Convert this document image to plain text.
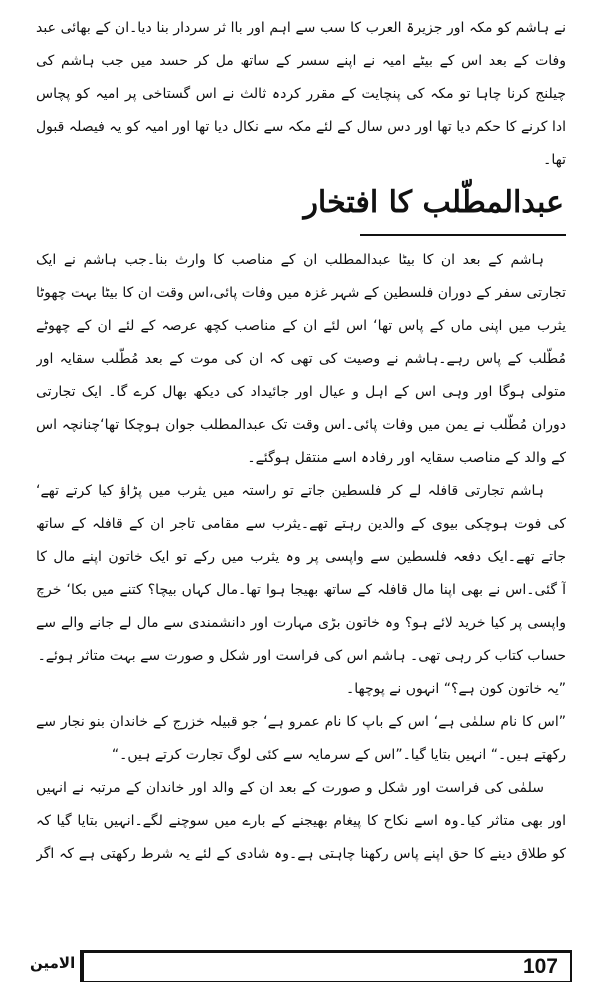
نے ہاشم کو مکہ اور جزیرۃ العرب کا سب سے اہم اور باا ثر سردار بنا دیا۔ان کے بھائی عبد
وفات کے بعد اس کے بیٹے امیہ نے اپنے سسر کے ساتھ مل کر حسد میں جب ہاشم کی
چیلنج کرنا چاہا تو مکہ کی پنچایت کے مقرر کردہ ثالث نے اس گستاخی پر امیہ کو پچاس
ادا کرنے کا حکم دیا تھا اور دس سال کے لئے مکہ سے نکال دیا تھا اور امیہ کو یہ فیصلہ قبول
تھا۔
عبدالمطّلب کا افتخار
ہاشم کے بعد ان کا بیٹا عبدالمطلب ان کے مناصب کا وارث بنا۔جب ہاشم نے ایک
تجارتی سفر کے دوران فلسطین کے شہر غزہ میں وفات پائی،اس وقت ان کا بیٹا بہت چھوٹا
یثرب میں اپنی ماں کے پاس تھا‘ اس لئے ان کے مناصب کچھ عرصہ کے لئے ان کے چھوٹے
مُطّلب کے پاس رہے۔ہاشم نے وصیت کی تھی کہ ان کی موت کے بعد مُطّلب سقایہ اور
متولی ہوگا اور وہی اس کے اہل و عیال اور جائیداد کی دیکھ بھال کرے گا۔ ایک تجارتی
دوران مُطّلب نے یمن میں وفات پائی۔اس وقت تک عبدالمطلب جوان ہوچکا تھا‘چنانچہ اس
کے والد کے مناصب سقایہ اور رفادہ اسے منتقل ہوگئے۔
ہاشم تجارتی قافلہ لے کر فلسطین جاتے تو راستہ میں یثرب میں پڑاؤ کیا کرتے تھے‘
کی فوت ہوچکی بیوی کے والدین رہتے تھے۔یثرب سے مقامی تاجر ان کے قافلہ کے ساتھ
جاتے تھے۔ایک دفعہ فلسطین سے واپسی پر وہ یثرب میں رکے تو ایک خاتون اپنے مال کا
آ گئی۔اس نے بھی اپنا مال قافلہ کے ساتھ بھیجا ہوا تھا۔مال کہاں بیچا؟ کتنے میں بکا‘ خرچ
واپسی پر کیا خرید لائے ہو؟ وہ خاتون بڑی مہارت اور دانشمندی سے مال لے جانے والے سے
حساب کتاب کر رہی تھی۔ ہاشم اس کی فراست اور شکل و صورت سے بہت متاثر ہوئے۔
”یہ خاتون کون ہے؟“ انہوں نے پوچھا۔
”اس کا نام سلمٰی ہے‘ اس کے باپ کا نام عمرو ہے‘ جو قبیلہ خزرج کے خاندان بنو نجار سے
رکھتے ہیں۔“ انہیں بتایا گیا۔”اس کے سرمایہ سے کئی لوگ تجارت کرتے ہیں۔“
سلمٰی کی فراست اور شکل و صورت کے بعد ان کے والد اور خاندان کے مرتبہ نے انہیں
اور بھی متاثر کیا۔وہ اسے نکاح کا پیغام بھیجنے کے بارے میں سوچنے لگے۔انہیں بتایا گیا کہ
کو طلاق دینے کا حق اپنے پاس رکھنا چاہتی ہے۔وہ شادی کے لئے یہ شرط رکھتی ہے کہ اگر
الامین	107
